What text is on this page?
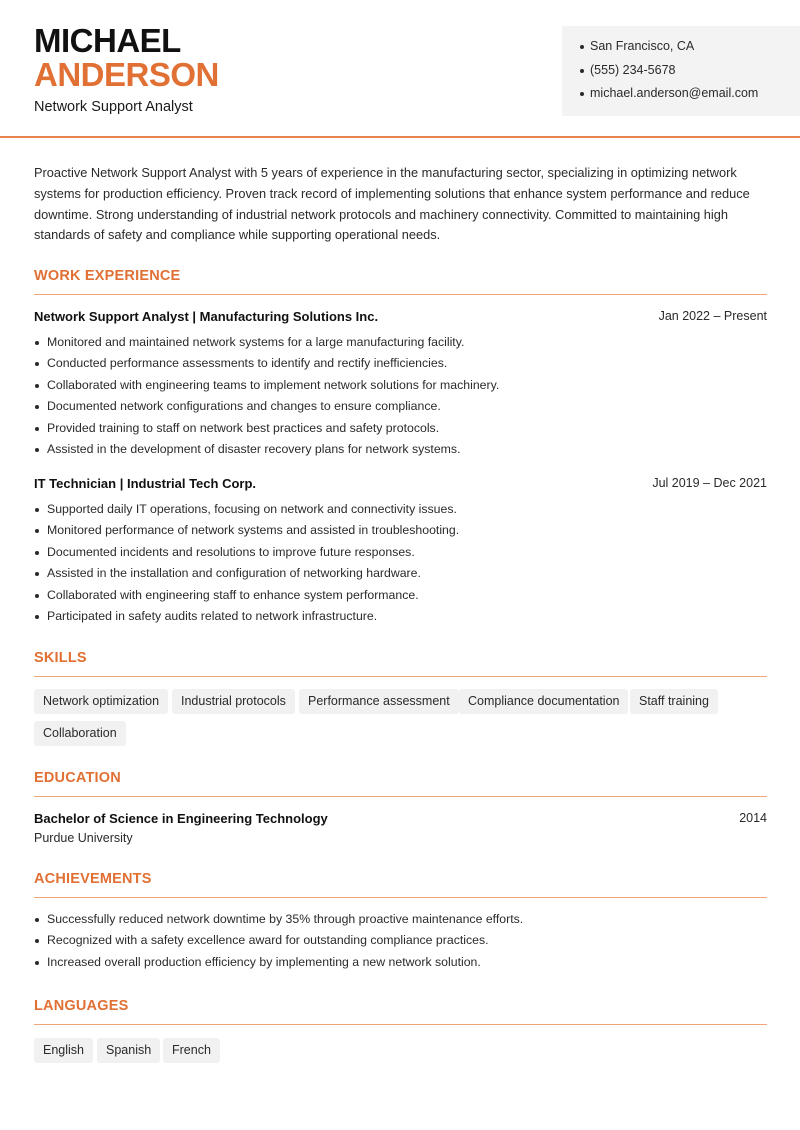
MICHAEL
ANDERSON
Network Support Analyst
San Francisco, CA
(555) 234-5678
michael.anderson@email.com

Proactive Network Support Analyst with 5 years of experience in the manufacturing sector, specializing in optimizing network systems for production efficiency. Proven track record of implementing solutions that enhance system performance and reduce downtime. Strong understanding of industrial network protocols and machinery connectivity. Committed to maintaining high standards of safety and compliance while supporting operational needs.

WORK EXPERIENCE
Network Support Analyst | Manufacturing Solutions Inc.	Jan 2022 – Present
Monitored and maintained network systems for a large manufacturing facility.
Conducted performance assessments to identify and rectify inefficiencies.
Collaborated with engineering teams to implement network solutions for machinery.
Documented network configurations and changes to ensure compliance.
Provided training to staff on network best practices and safety protocols.
Assisted in the development of disaster recovery plans for network systems.
IT Technician | Industrial Tech Corp.	Jul 2019 – Dec 2021
Supported daily IT operations, focusing on network and connectivity issues.
Monitored performance of network systems and assisted in troubleshooting.
Documented incidents and resolutions to improve future responses.
Assisted in the installation and configuration of networking hardware.
Collaborated with engineering staff to enhance system performance.
Participated in safety audits related to network infrastructure.
SKILLS
Network optimization	Industrial protocols	Performance assessment	Compliance documentation	Staff training
Collaboration
EDUCATION
Bachelor of Science in Engineering Technology	2014
Purdue University
ACHIEVEMENTS
Successfully reduced network downtime by 35% through proactive maintenance efforts.
Recognized with a safety excellence award for outstanding compliance practices.
Increased overall production efficiency by implementing a new network solution.
LANGUAGES
English	Spanish	French
